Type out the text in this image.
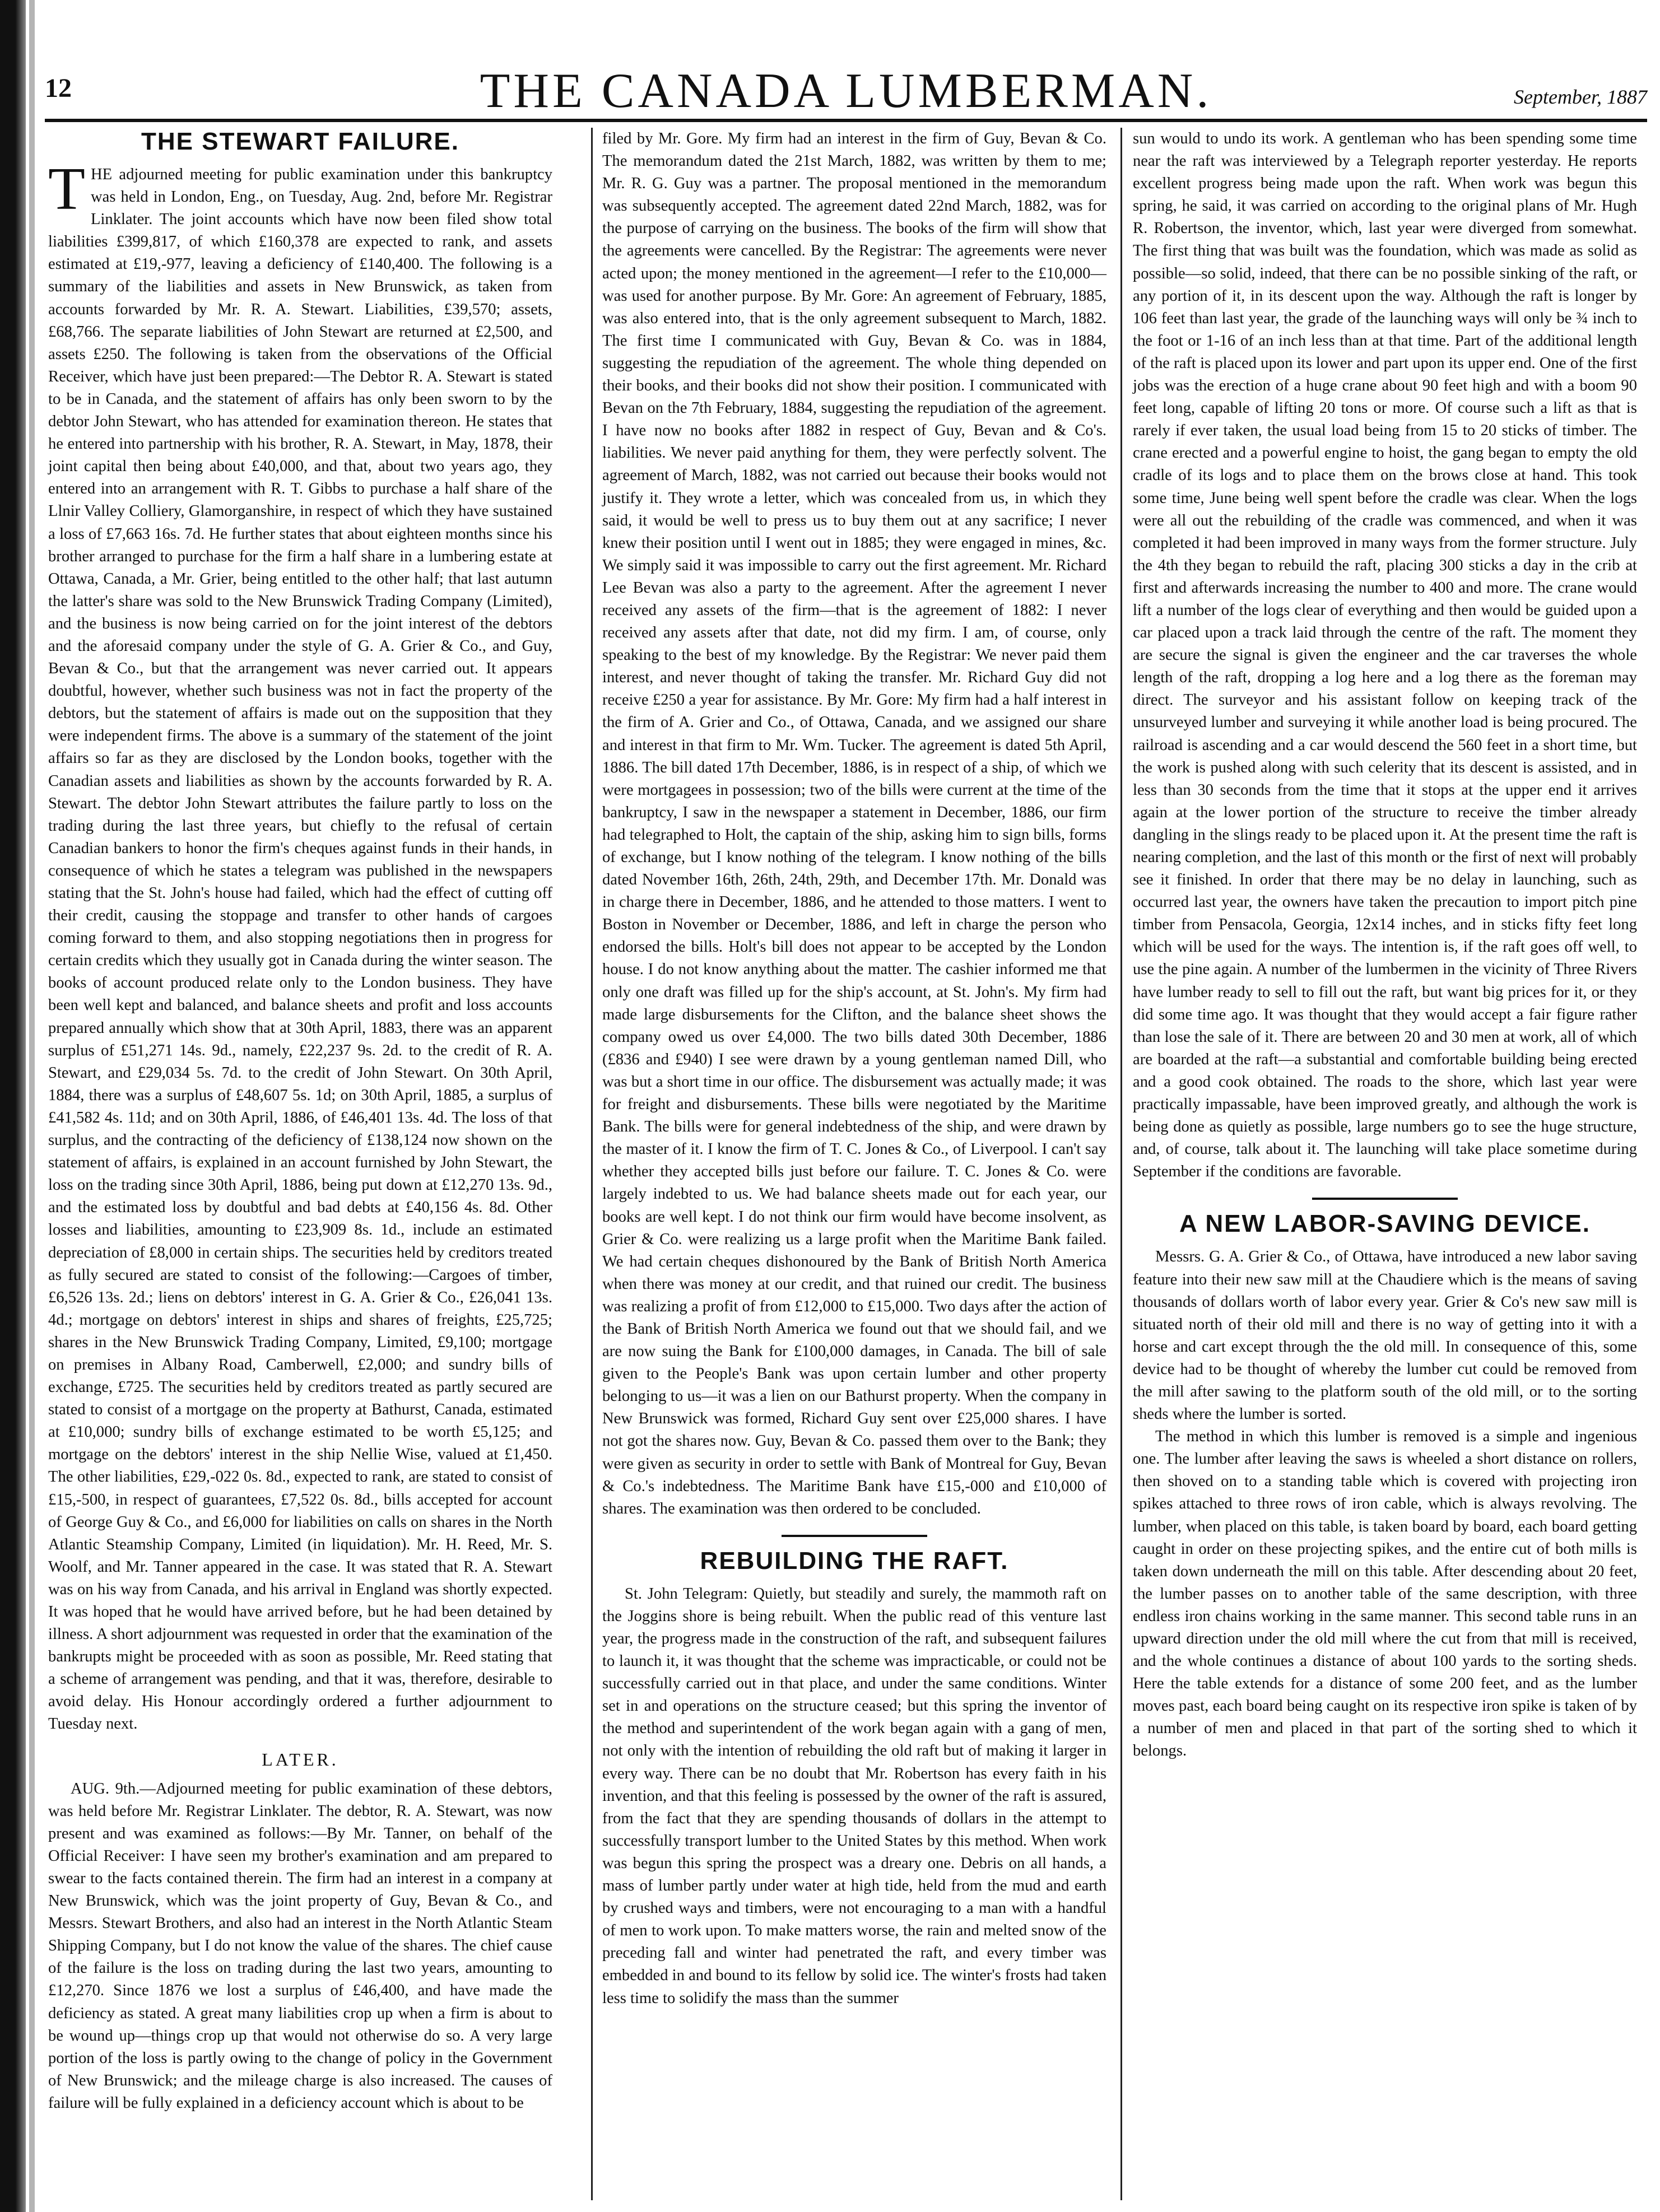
12	THE CANADA LUMBERMAN.	September, 1887
THE STEWART FAILURE.

THE adjourned meeting for public examination under this bankruptcy was held in London, Eng., on Tuesday, Aug. 2nd, before Mr. Registrar Linklater. The joint accounts which have now been filed show total liabilities £399,817, of which £160,378 are expected to rank, and assets estimated at £19,-977, leaving a deficiency of £140,400. The following is a summary of the liabilities and assets in New Brunswick, as taken from accounts forwarded by Mr. R. A. Stewart. Liabilities, £39,570; assets, £68,766. The separate liabilities of John Stewart are returned at £2,500, and assets £250. The following is taken from the observations of the Official Receiver, which have just been prepared:—The Debtor R. A. Stewart is stated to be in Canada, and the statement of affairs has only been sworn to by the debtor John Stewart, who has attended for examination thereon. He states that he entered into partnership with his brother, R. A. Stewart, in May, 1878, their joint capital then being about £40,000, and that, about two years ago, they entered into an arrangement with R. T. Gibbs to purchase a half share of the Llnir Valley Colliery, Glamorganshire, in respect of which they have sustained a loss of £7,663 16s. 7d. He further states that about eighteen months since his brother arranged to purchase for the firm a half share in a lumbering estate at Ottawa, Canada, a Mr. Grier, being entitled to the other half; that last autumn the latter's share was sold to the New Brunswick Trading Company (Limited), and the business is now being carried on for the joint interest of the debtors and the aforesaid company under the style of G. A. Grier & Co., and Guy, Bevan & Co., but that the arrangement was never carried out. It appears doubtful, however, whether such business was not in fact the property of the debtors, but the statement of affairs is made out on the supposition that they were independent firms. The above is a summary of the statement of the joint affairs so far as they are disclosed by the London books, together with the Canadian assets and liabilities as shown by the accounts forwarded by R. A. Stewart. The debtor John Stewart attributes the failure partly to loss on the trading during the last three years, but chiefly to the refusal of certain Canadian bankers to honor the firm's cheques against funds in their hands, in consequence of which he states a telegram was published in the newspapers stating that the St. John's house had failed, which had the effect of cutting off their credit, causing the stoppage and transfer to other hands of cargoes coming forward to them, and also stopping negotiations then in progress for certain credits which they usually got in Canada during the winter season. The books of account produced relate only to the London business. They have been well kept and balanced, and balance sheets and profit and loss accounts prepared annually which show that at 30th April, 1883, there was an apparent surplus of £51,271 14s. 9d., namely, £22,237 9s. 2d. to the credit of R. A. Stewart, and £29,034 5s. 7d. to the credit of John Stewart. On 30th April, 1884, there was a surplus of £48,607 5s. 1d; on 30th April, 1885, a surplus of £41,582 4s. 11d; and on 30th April, 1886, of £46,401 13s. 4d. The loss of that surplus, and the contracting of the deficiency of £138,124 now shown on the statement of affairs, is explained in an account furnished by John Stewart, the loss on the trading since 30th April, 1886, being put down at £12,270 13s. 9d., and the estimated loss by doubtful and bad debts at £40,156 4s. 8d. Other losses and liabilities, amounting to £23,909 8s. 1d., include an estimated depreciation of £8,000 in certain ships. The securities held by creditors treated as fully secured are stated to consist of the following:—Cargoes of timber, £6,526 13s. 2d.; liens on debtors' interest in G. A. Grier & Co., £26,041 13s. 4d.; mortgage on debtors' interest in ships and shares of freights, £25,725; shares in the New Brunswick Trading Company, Limited, £9,100; mortgage on premises in Albany Road, Camberwell, £2,000; and sundry bills of exchange, £725. The securities held by creditors treated as partly secured are stated to consist of a mortgage on the property at Bathurst, Canada, estimated at £10,000; sundry bills of exchange estimated to be worth £5,125; and mortgage on the debtors' interest in the ship Nellie Wise, valued at £1,450. The other liabilities, £29,-022 0s. 8d., expected to rank, are stated to consist of £15,-500, in respect of guarantees, £7,522 0s. 8d., bills accepted for account of George Guy & Co., and £6,000 for liabilities on calls on shares in the North Atlantic Steamship Company, Limited (in liquidation). Mr. H. Reed, Mr. S. Woolf, and Mr. Tanner appeared in the case. It was stated that R. A. Stewart was on his way from Canada, and his arrival in England was shortly expected. It was hoped that he would have arrived before, but he had been detained by illness. A short adjournment was requested in order that the examination of the bankrupts might be proceeded with as soon as possible, Mr. Reed stating that a scheme of arrangement was pending, and that it was, therefore, desirable to avoid delay. His Honour accordingly ordered a further adjournment to Tuesday next.

LATER.

AUG. 9th.—Adjourned meeting for public examination of these debtors, was held before Mr. Registrar Linklater. The debtor, R. A. Stewart, was now present and was examined as follows:—By Mr. Tanner, on behalf of the Official Receiver: I have seen my brother's examination and am prepared to swear to the facts contained therein. The firm had an interest in a company at New Brunswick, which was the joint property of Guy, Bevan & Co., and Messrs. Stewart Brothers, and also had an interest in the North Atlantic Steam Shipping Company, but I do not know the value of the shares. The chief cause of the failure is the loss on trading during the last two years, amounting to £12,270. Since 1876 we lost a surplus of £46,400, and have made the deficiency as stated. A great many liabilities crop up when a firm is about to be wound up—things crop up that would not otherwise do so. A very large portion of the loss is partly owing to the change of policy in the Government of New Brunswick; and the mileage charge is also increased. The causes of failure will be fully explained in a deficiency account which is about to be

filed by Mr. Gore. My firm had an interest in the firm of Guy, Bevan & Co. The memorandum dated the 21st March, 1882, was written by them to me; Mr. R. G. Guy was a partner. The proposal mentioned in the memorandum was subsequently accepted. The agreement dated 22nd March, 1882, was for the purpose of carrying on the business. The books of the firm will show that the agreements were cancelled. By the Registrar: The agreements were never acted upon; the money mentioned in the agreement—I refer to the £10,000—was used for another purpose. By Mr. Gore: An agreement of February, 1885, was also entered into, that is the only agreement subsequent to March, 1882. The first time I communicated with Guy, Bevan & Co. was in 1884, suggesting the repudiation of the agreement. The whole thing depended on their books, and their books did not show their position. I communicated with Bevan on the 7th February, 1884, suggesting the repudiation of the agreement. I have now no books after 1882 in respect of Guy, Bevan and & Co's. liabilities. We never paid anything for them, they were perfectly solvent. The agreement of March, 1882, was not carried out because their books would not justify it. They wrote a letter, which was concealed from us, in which they said, it would be well to press us to buy them out at any sacrifice; I never knew their position until I went out in 1885; they were engaged in mines, &c. We simply said it was impossible to carry out the first agreement. Mr. Richard Lee Bevan was also a party to the agreement. After the agreement I never received any assets of the firm—that is the agreement of 1882: I never received any assets after that date, not did my firm. I am, of course, only speaking to the best of my knowledge. By the Registrar: We never paid them interest, and never thought of taking the transfer. Mr. Richard Guy did not receive £250 a year for assistance. By Mr. Gore: My firm had a half interest in the firm of A. Grier and Co., of Ottawa, Canada, and we assigned our share and interest in that firm to Mr. Wm. Tucker. The agreement is dated 5th April, 1886. The bill dated 17th December, 1886, is in respect of a ship, of which we were mortgagees in possession; two of the bills were current at the time of the bankruptcy, I saw in the newspaper a statement in December, 1886, our firm had telegraphed to Holt, the captain of the ship, asking him to sign bills, forms of exchange, but I know nothing of the telegram. I know nothing of the bills dated November 16th, 26th, 24th, 29th, and December 17th. Mr. Donald was in charge there in December, 1886, and he attended to those matters. I went to Boston in November or December, 1886, and left in charge the person who endorsed the bills. Holt's bill does not appear to be accepted by the London house. I do not know anything about the matter. The cashier informed me that only one draft was filled up for the ship's account, at St. John's. My firm had made large disbursements for the Clifton, and the balance sheet shows the company owed us over £4,000. The two bills dated 30th December, 1886 (£836 and £940) I see were drawn by a young gentleman named Dill, who was but a short time in our office. The disbursement was actually made; it was for freight and disbursements. These bills were negotiated by the Maritime Bank. The bills were for general indebtedness of the ship, and were drawn by the master of it. I know the firm of T. C. Jones & Co., of Liverpool. I can't say whether they accepted bills just before our failure. T. C. Jones & Co. were largely indebted to us. We had balance sheets made out for each year, our books are well kept. I do not think our firm would have become insolvent, as Grier & Co. were realizing us a large profit when the Maritime Bank failed. We had certain cheques dishonoured by the Bank of British North America when there was money at our credit, and that ruined our credit. The business was realizing a profit of from £12,000 to £15,000. Two days after the action of the Bank of British North America we found out that we should fail, and we are now suing the Bank for £100,000 damages, in Canada. The bill of sale given to the People's Bank was upon certain lumber and other property belonging to us—it was a lien on our Bathurst property. When the company in New Brunswick was formed, Richard Guy sent over £25,000 shares. I have not got the shares now. Guy, Bevan & Co. passed them over to the Bank; they were given as security in order to settle with Bank of Montreal for Guy, Bevan & Co.'s indebtedness. The Maritime Bank have £15,-000 and £10,000 of shares. The examination was then ordered to be concluded.

REBUILDING THE RAFT.

St. John Telegram: Quietly, but steadily and surely, the mammoth raft on the Joggins shore is being rebuilt. When the public read of this venture last year, the progress made in the construction of the raft, and subsequent failures to launch it, it was thought that the scheme was impracticable, or could not be successfully carried out in that place, and under the same conditions. Winter set in and operations on the structure ceased; but this spring the inventor of the method and superintendent of the work began again with a gang of men, not only with the intention of rebuilding the old raft but of making it larger in every way. There can be no doubt that Mr. Robertson has every faith in his invention, and that this feeling is possessed by the owner of the raft is assured, from the fact that they are spending thousands of dollars in the attempt to successfully transport lumber to the United States by this method. When work was begun this spring the prospect was a dreary one. Debris on all hands, a mass of lumber partly under water at high tide, held from the mud and earth by crushed ways and timbers, were not encouraging to a man with a handful of men to work upon. To make matters worse, the rain and melted snow of the preceding fall and winter had penetrated the raft, and every timber was embedded in and bound to its fellow by solid ice. The winter's frosts had taken less time to solidify the mass than the summer

sun would to undo its work. A gentleman who has been spending some time near the raft was interviewed by a Telegraph reporter yesterday. He reports excellent progress being made upon the raft. When work was begun this spring, he said, it was carried on according to the original plans of Mr. Hugh R. Robertson, the inventor, which, last year were diverged from somewhat. The first thing that was built was the foundation, which was made as solid as possible—so solid, indeed, that there can be no possible sinking of the raft, or any portion of it, in its descent upon the way. Although the raft is longer by 106 feet than last year, the grade of the launching ways will only be ¾ inch to the foot or 1-16 of an inch less than at that time. Part of the additional length of the raft is placed upon its lower and part upon its upper end. One of the first jobs was the erection of a huge crane about 90 feet high and with a boom 90 feet long, capable of lifting 20 tons or more. Of course such a lift as that is rarely if ever taken, the usual load being from 15 to 20 sticks of timber. The crane erected and a powerful engine to hoist, the gang began to empty the old cradle of its logs and to place them on the brows close at hand. This took some time, June being well spent before the cradle was clear. When the logs were all out the rebuilding of the cradle was commenced, and when it was completed it had been improved in many ways from the former structure. July the 4th they began to rebuild the raft, placing 300 sticks a day in the crib at first and afterwards increasing the number to 400 and more. The crane would lift a number of the logs clear of everything and then would be guided upon a car placed upon a track laid through the centre of the raft. The moment they are secure the signal is given the engineer and the car traverses the whole length of the raft, dropping a log here and a log there as the foreman may direct. The surveyor and his assistant follow on keeping track of the unsurveyed lumber and surveying it while another load is being procured. The railroad is ascending and a car would descend the 560 feet in a short time, but the work is pushed along with such celerity that its descent is assisted, and in less than 30 seconds from the time that it stops at the upper end it arrives again at the lower portion of the structure to receive the timber already dangling in the slings ready to be placed upon it. At the present time the raft is nearing completion, and the last of this month or the first of next will probably see it finished. In order that there may be no delay in launching, such as occurred last year, the owners have taken the precaution to import pitch pine timber from Pensacola, Georgia, 12x14 inches, and in sticks fifty feet long which will be used for the ways. The intention is, if the raft goes off well, to use the pine again. A number of the lumbermen in the vicinity of Three Rivers have lumber ready to sell to fill out the raft, but want big prices for it, or they did some time ago. It was thought that they would accept a fair figure rather than lose the sale of it. There are between 20 and 30 men at work, all of which are boarded at the raft—a substantial and comfortable building being erected and a good cook obtained. The roads to the shore, which last year were practically impassable, have been improved greatly, and although the work is being done as quietly as possible, large numbers go to see the huge structure, and, of course, talk about it. The launching will take place sometime during September if the conditions are favorable.

A NEW LABOR-SAVING DEVICE.

Messrs. G. A. Grier & Co., of Ottawa, have introduced a new labor saving feature into their new saw mill at the Chaudiere which is the means of saving thousands of dollars worth of labor every year. Grier & Co's new saw mill is situated north of their old mill and there is no way of getting into it with a horse and cart except through the the old mill. In consequence of this, some device had to be thought of whereby the lumber cut could be removed from the mill after sawing to the platform south of the old mill, or to the sorting sheds where the lumber is sorted.

The method in which this lumber is removed is a simple and ingenious one. The lumber after leaving the saws is wheeled a short distance on rollers, then shoved on to a standing table which is covered with projecting iron spikes attached to three rows of iron cable, which is always revolving. The lumber, when placed on this table, is taken board by board, each board getting caught in order on these projecting spikes, and the entire cut of both mills is taken down underneath the mill on this table. After descending about 20 feet, the lumber passes on to another table of the same description, with three endless iron chains working in the same manner. This second table runs in an upward direction under the old mill where the cut from that mill is received, and the whole continues a distance of about 100 yards to the sorting sheds. Here the table extends for a distance of some 200 feet, and as the lumber moves past, each board being caught on its respective iron spike is taken of by a number of men and placed in that part of the sorting shed to which it belongs.
